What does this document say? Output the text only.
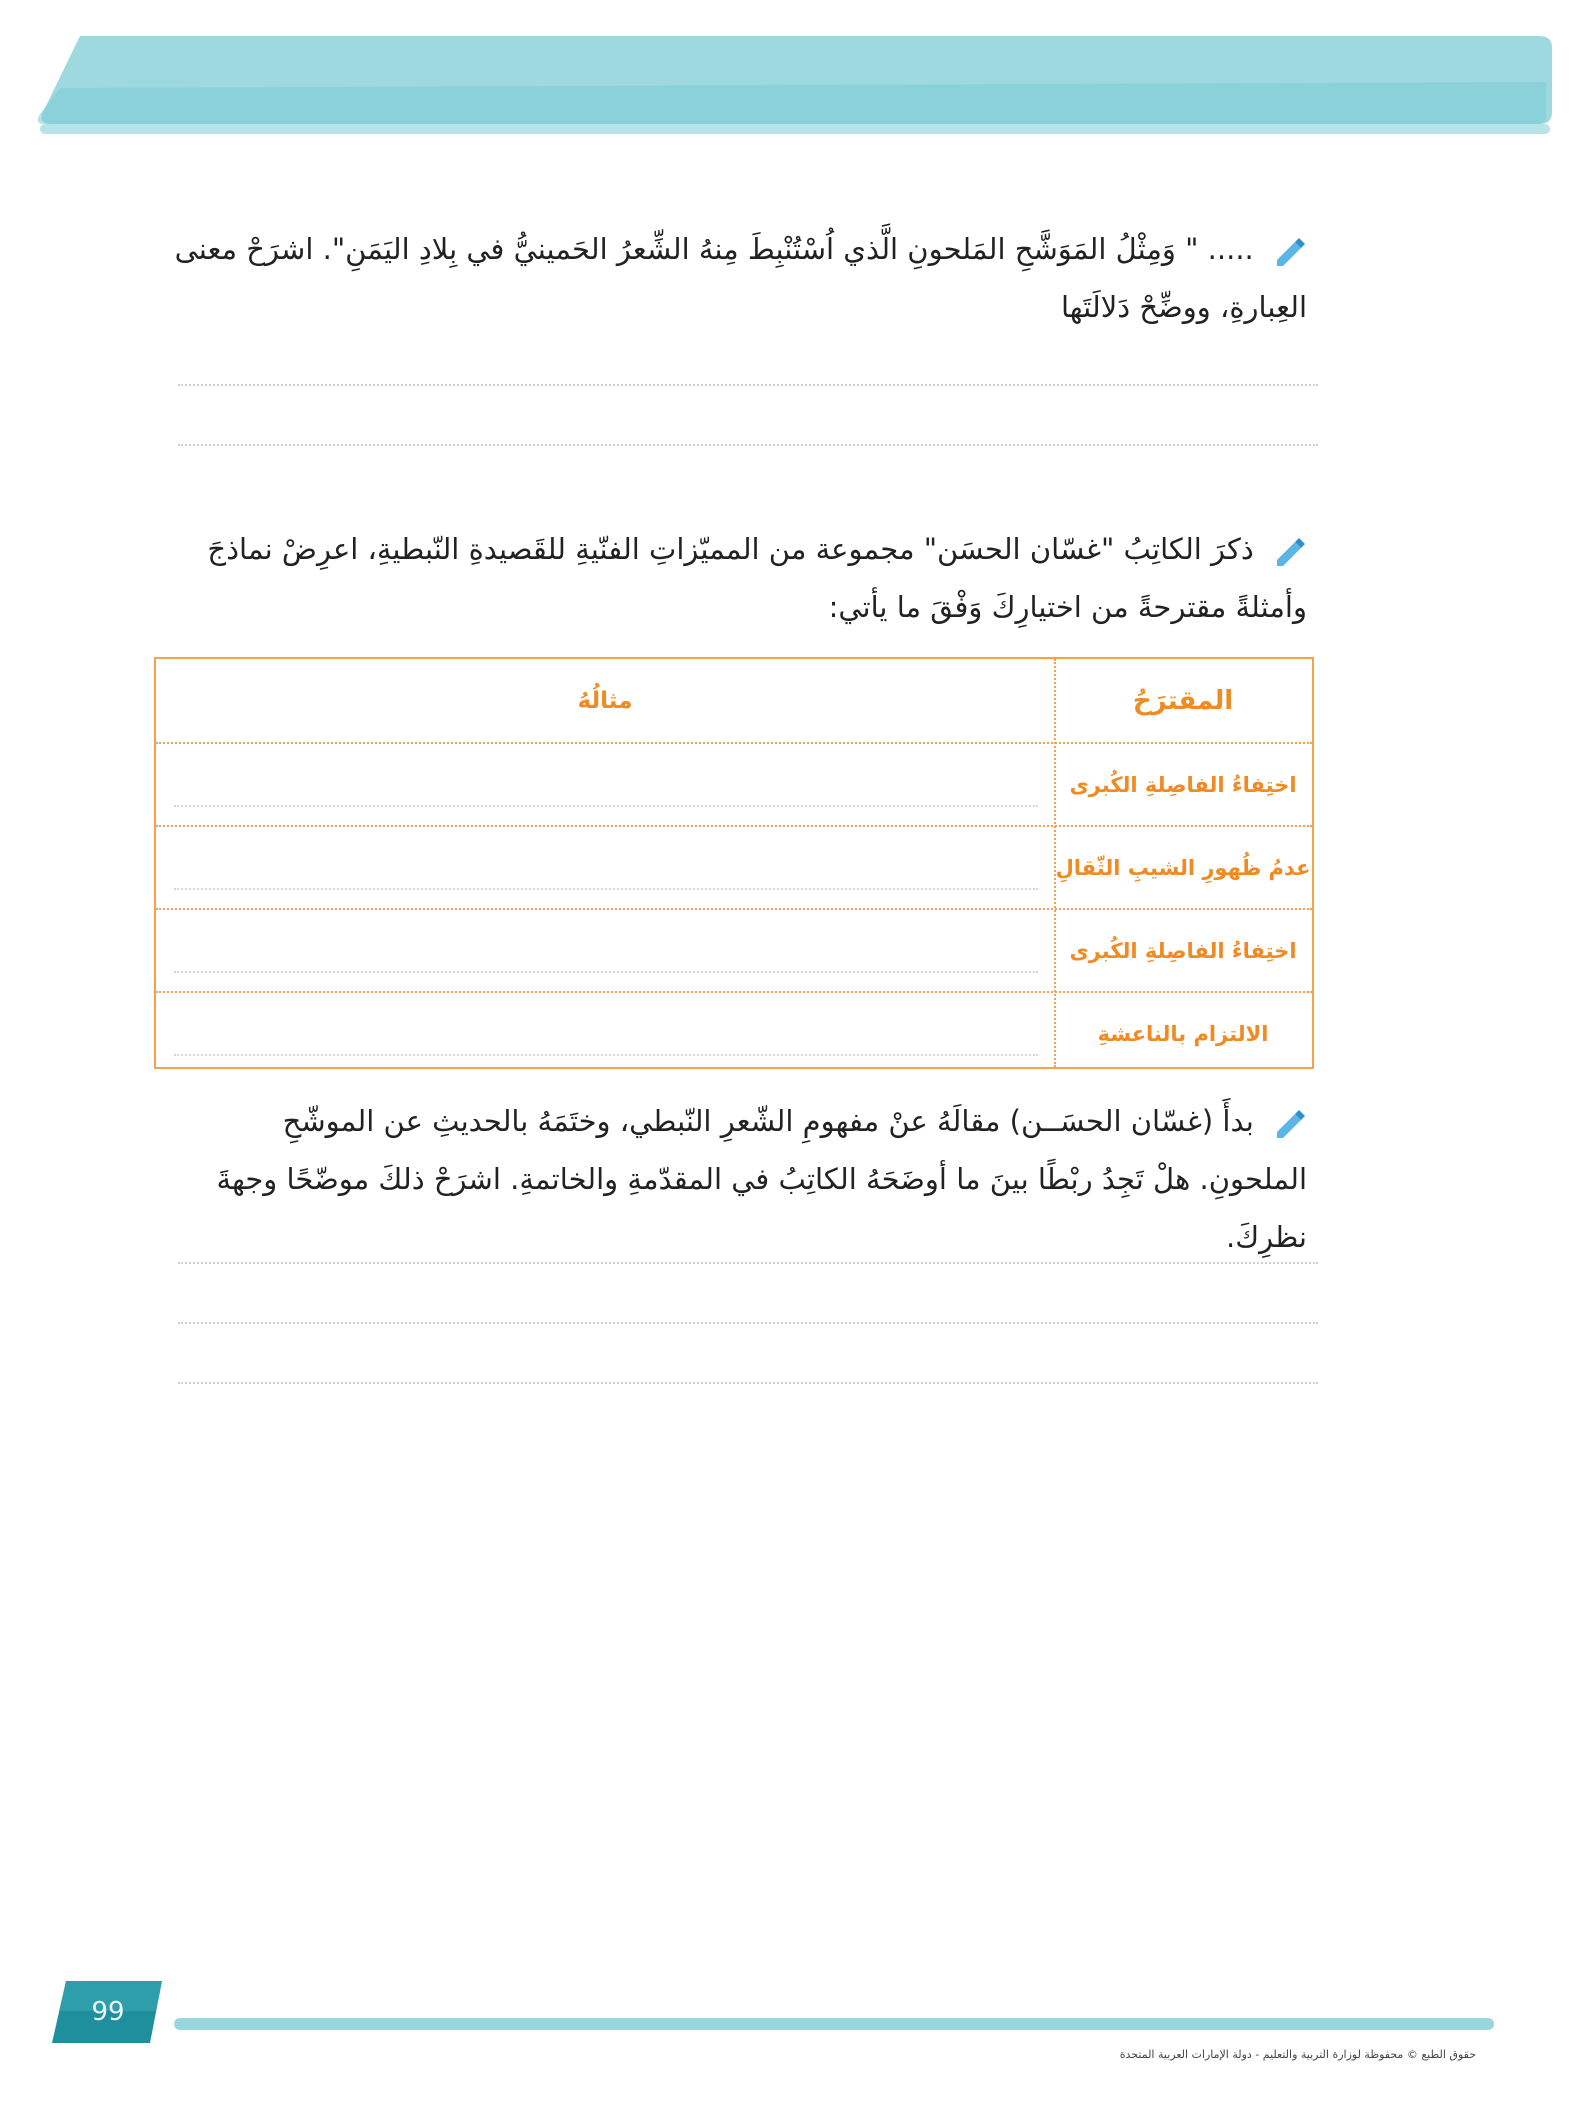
..... " وَمِثْلُ المَوَشَّحِ المَلحونِ الَّذي اُسْتُنْبِطَ مِنهُ الشِّعرُ الحَمينيُّ في بِلادِ اليَمَنِ". اشرَحْ معنى العِبارةِ، ووضِّحْ دَلالَتَها
ذكرَ الكاتِبُ "غسّان الحسَن" مجموعة من المميّزاتِ الفنّيةِ للقَصيدةِ النّبطيةِ، اعرِضْ نماذجَ وأمثلةً مقترحةً من اختيارِكَ وَفْقَ ما يأتي:
المقترَحُ
مثالُهُ
اختِفاءُ الفاصِلةِ الكُبرى
عدمُ ظُهورِ الشيبِ الثّقالِ
اختِفاءُ الفاصِلةِ الكُبرى
الالتزام بالناعشةِ
بدأَ (غسّان الحسَــن) مقالَهُ عنْ مفهومِ الشّعرِ النّبطي، وختَمَهُ بالحديثِ عن الموشّحِ الملحونِ. هلْ تَجِدُ ربْطًا بينَ ما أوضَحَهُ الكاتِبُ في المقدّمةِ والخاتمةِ. اشرَحْ ذلكَ موضّحًا وجهةَ نظرِكَ.
99
حقوق الطبع © محفوظة لوزارة التربية والتعليم - دولة الإمارات العربية المتحدة
